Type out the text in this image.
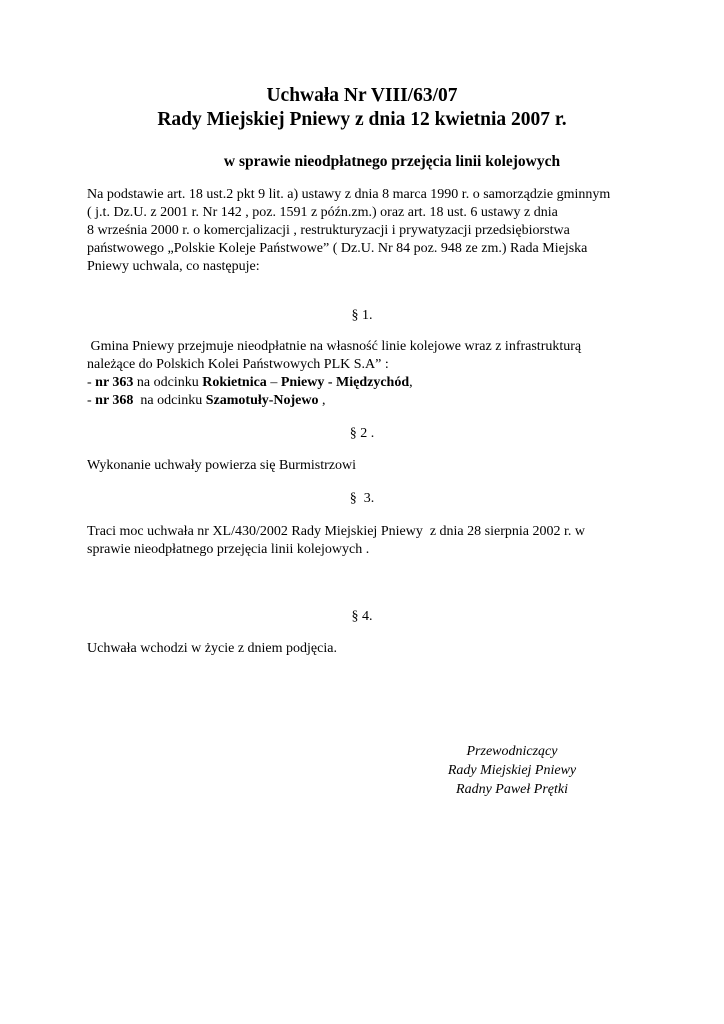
Uchwała Nr VIII/63/07
Rady Miejskiej Pniewy z dnia 12 kwietnia 2007 r.

w sprawie nieodpłatnego przejęcia linii kolejowych

Na podstawie art. 18 ust.2 pkt 9 lit. a) ustawy z dnia 8 marca 1990 r. o samorządzie gminnym
( j.t. Dz.U. z 2001 r. Nr 142 , poz. 1591 z późn.zm.) oraz art. 18 ust. 6 ustawy z dnia
8 września 2000 r. o komercjalizacji , restrukturyzacji i prywatyzacji przedsiębiorstwa
państwowego „Polskie Koleje Państwowe” ( Dz.U. Nr 84 poz. 948 ze zm.) Rada Miejska
Pniewy uchwala, co następuje:

§ 1.

Gmina Pniewy przejmuje nieodpłatnie na własność linie kolejowe wraz z infrastrukturą
należące do Polskich Kolei Państwowych PLK S.A” :
- nr 363 na odcinku Rokietnica – Pniewy - Międzychód,
- nr 368  na odcinku Szamotuły-Nojewo ,

§ 2 .

Wykonanie uchwały powierza się Burmistrzowi

§  3.

Traci moc uchwała nr XL/430/2002 Rady Miejskiej Pniewy  z dnia 28 sierpnia 2002 r. w
sprawie nieodpłatnego przejęcia linii kolejowych .

§ 4.

Uchwała wchodzi w życie z dniem podjęcia.

Przewodniczący
Rady Miejskiej Pniewy
Radny Paweł Prętki
